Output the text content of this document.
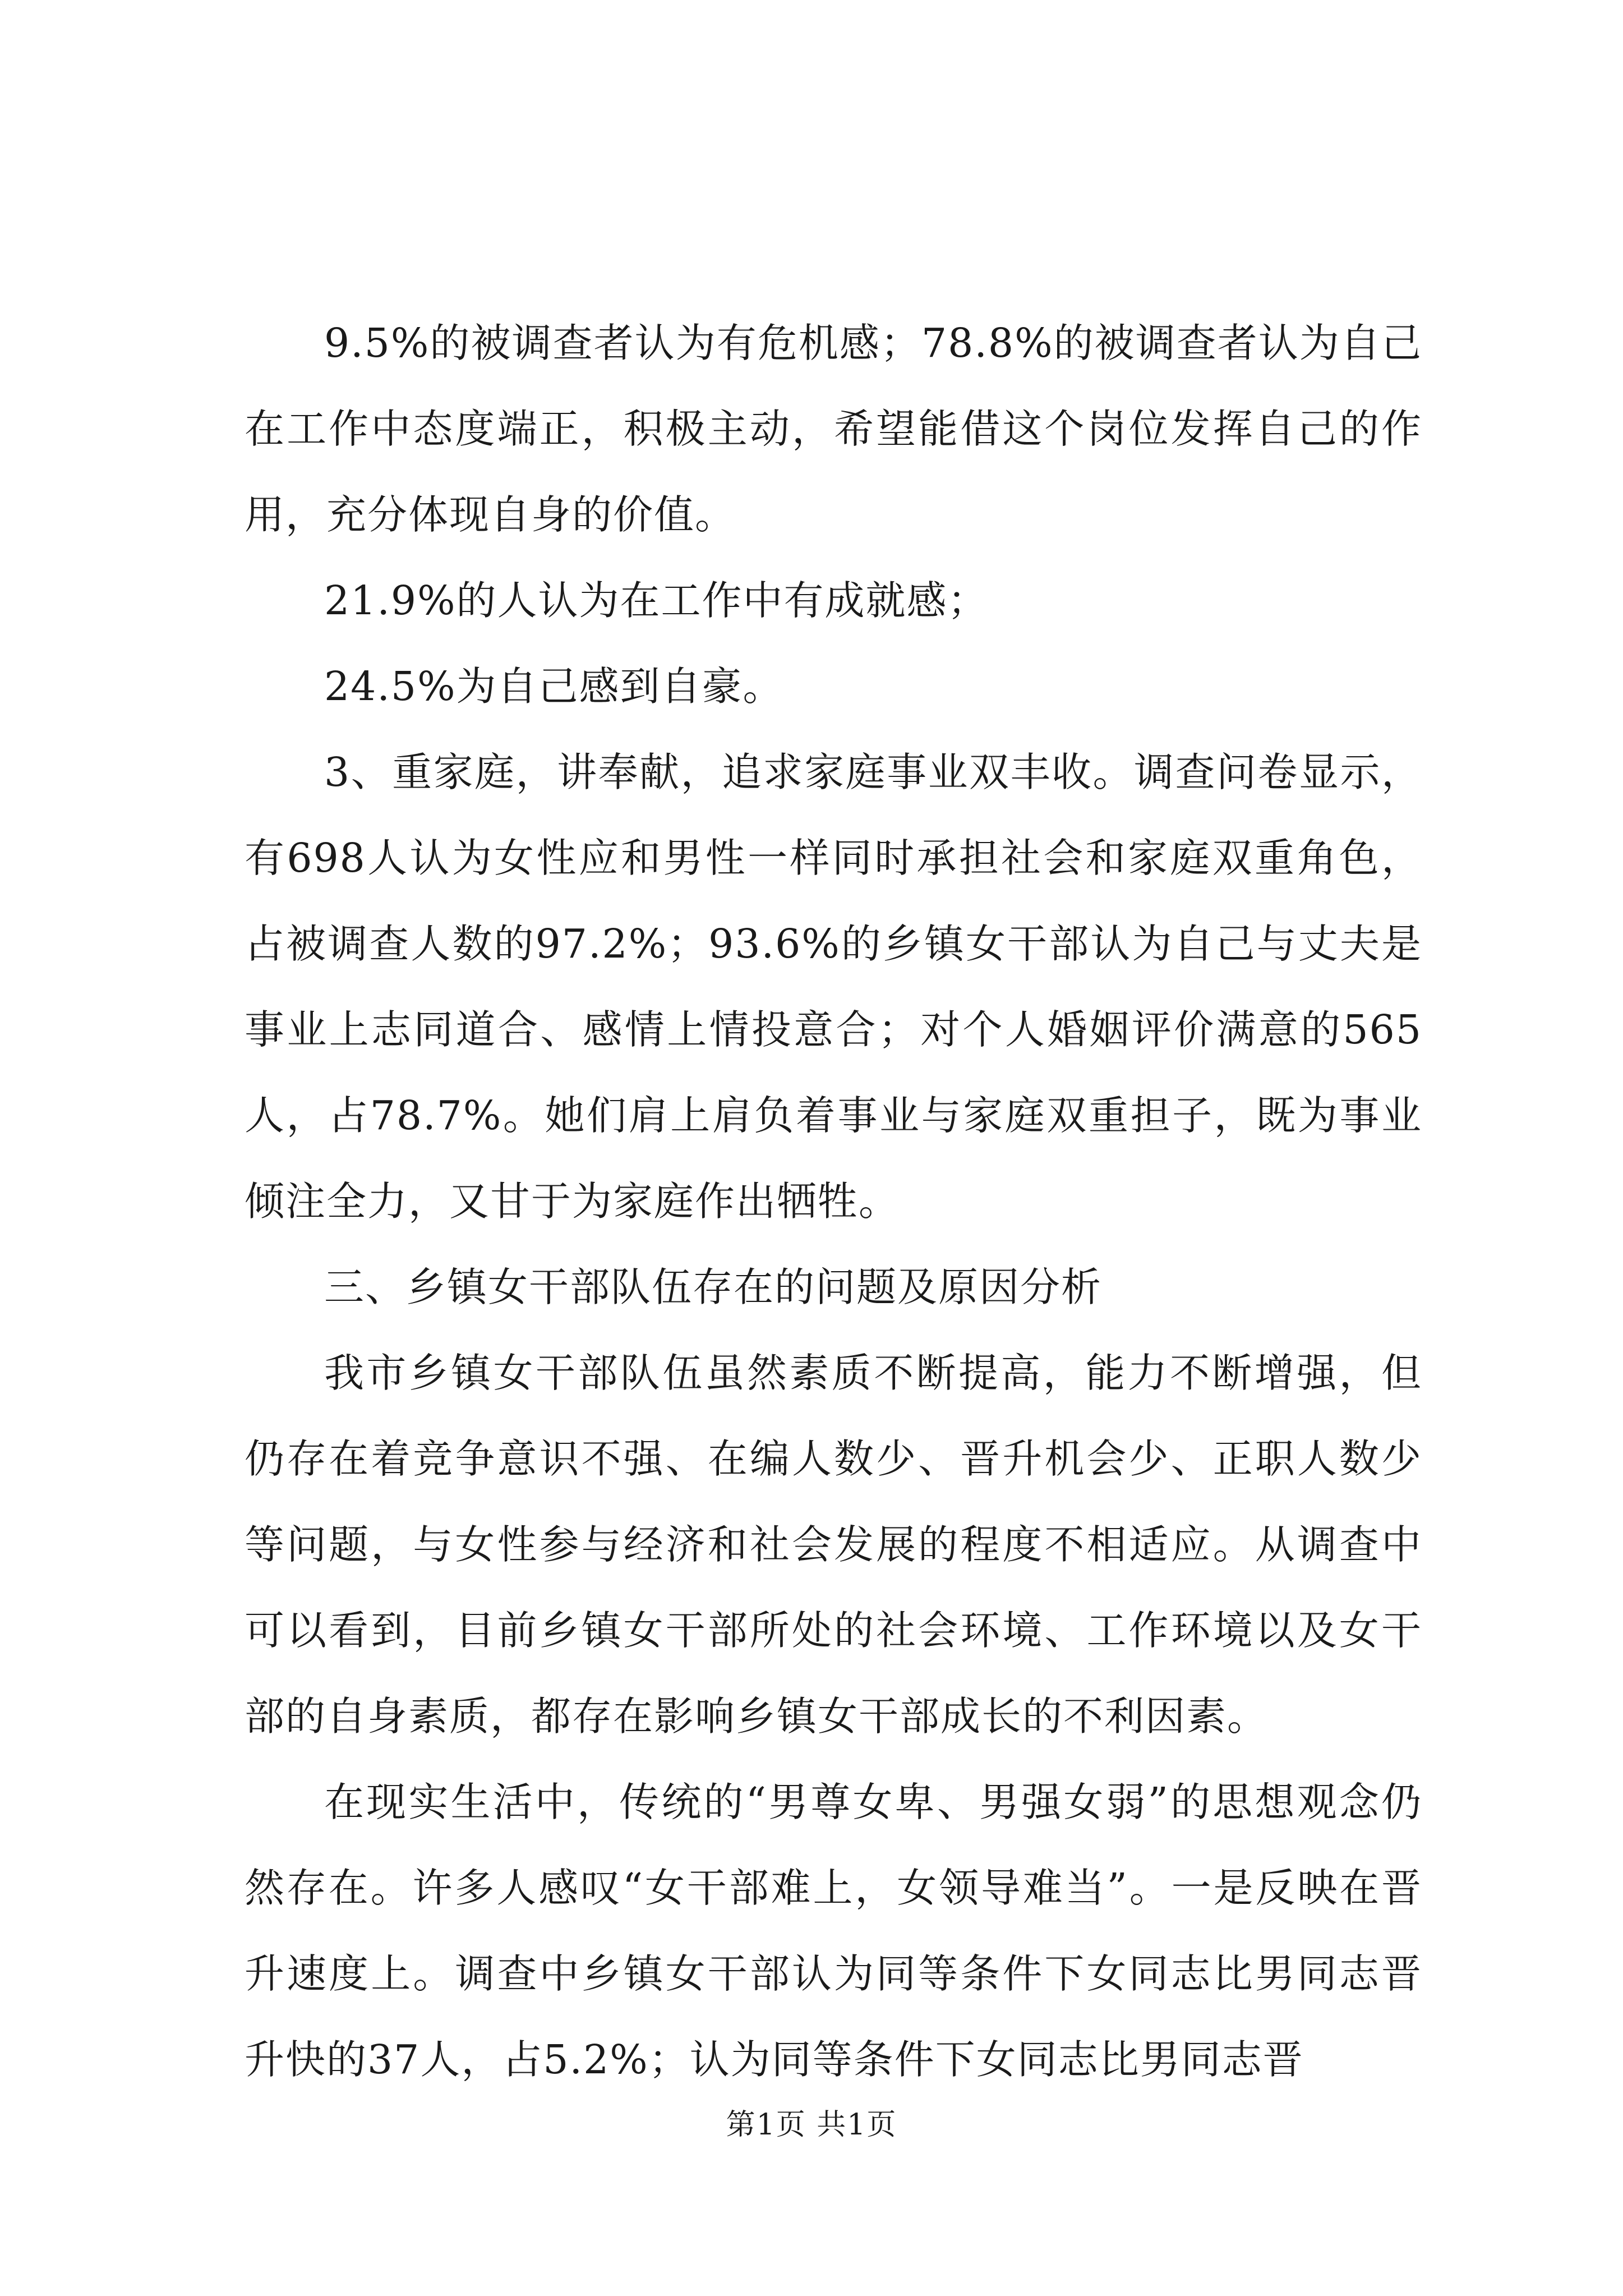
9.5%的被调查者认为有危机感；78.8%的被调查者认为自己在工作中态度端正，积极主动，希望能借这个岗位发挥自己的作用，充分体现自身的价值。

21.9%的人认为在工作中有成就感；

24.5%为自己感到自豪。

3、重家庭，讲奉献，追求家庭事业双丰收。调查问卷显示，有698人认为女性应和男性一样同时承担社会和家庭双重角色，占被调查人数的97.2%；93.6%的乡镇女干部认为自己与丈夫是事业上志同道合、感情上情投意合；对个人婚姻评价满意的565人，占78.7%。她们肩上肩负着事业与家庭双重担子，既为事业倾注全力，又甘于为家庭作出牺牲。

三、乡镇女干部队伍存在的问题及原因分析

我市乡镇女干部队伍虽然素质不断提高，能力不断增强，但仍存在着竞争意识不强、在编人数少、晋升机会少、正职人数少等问题，与女性参与经济和社会发展的程度不相适应。从调查中可以看到，目前乡镇女干部所处的社会环境、工作环境以及女干部的自身素质，都存在影响乡镇女干部成长的不利因素。

在现实生活中，传统的“男尊女卑、男强女弱”的思想观念仍然存在。许多人感叹“女干部难上，女领导难当”。一是反映在晋升速度上。调查中乡镇女干部认为同等条件下女同志比男同志晋升快的37人，占5.2%；认为同等条件下女同志比男同志晋

第1页 共1页
